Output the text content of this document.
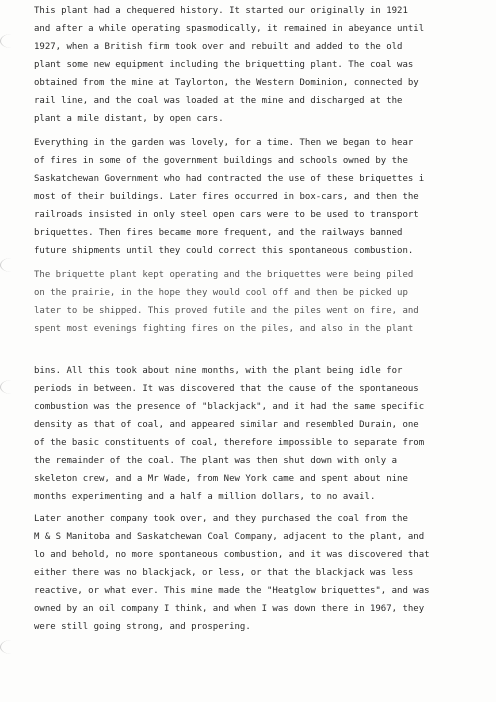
This plant had a chequered history. It started our originally in 1921
and after a while operating spasmodically, it remained in abeyance until
1927, when a British firm took over and rebuilt and added to the old
plant some new equipment including the briquetting plant. The coal was
obtained from the mine at Taylorton, the Western Dominion, connected by
rail line, and the coal was loaded at the mine and discharged at the
plant a mile distant, by open cars.
Everything in the garden was lovely, for a time. Then we began to hear
of fires in some of the government buildings and schools owned by the
Saskatchewan Government who had contracted the use of these briquettes i
most of their buildings. Later fires occurred in box-cars, and then the
railroads insisted in only steel open cars were to be used to transport
briquettes. Then fires became more frequent, and the railways banned
future shipments until they could correct this spontaneous combustion.
The briquette plant kept operating and the briquettes were being piled
on the prairie, in the hope they would cool off and then be picked up
later to be shipped. This proved futile and the piles went on fire, and
spent most evenings fighting fires on the piles, and also in the plant
bins. All this took about nine months, with the plant being idle for
periods in between. It was discovered that the cause of the spontaneous
combustion was the presence of "blackjack", and it had the same specific
density as that of coal, and appeared similar and resembled Durain, one
of the basic constituents of coal, therefore impossible to separate from
the remainder of the coal. The plant was then shut down with only a
skeleton crew, and a Mr Wade, from New York came and spent about nine
months experimenting and a half a million dollars, to no avail.
Later another company took over, and they purchased the coal from the
M & S Manitoba and Saskatchewan Coal Company, adjacent to the plant, and
lo and behold, no more spontaneous combustion, and it was discovered that
either there was no blackjack, or less, or that the blackjack was less
reactive, or what ever. This mine made the "Heatglow briquettes", and was
owned by an oil company I think, and when I was down there in 1967, they
were still going strong, and prospering.
